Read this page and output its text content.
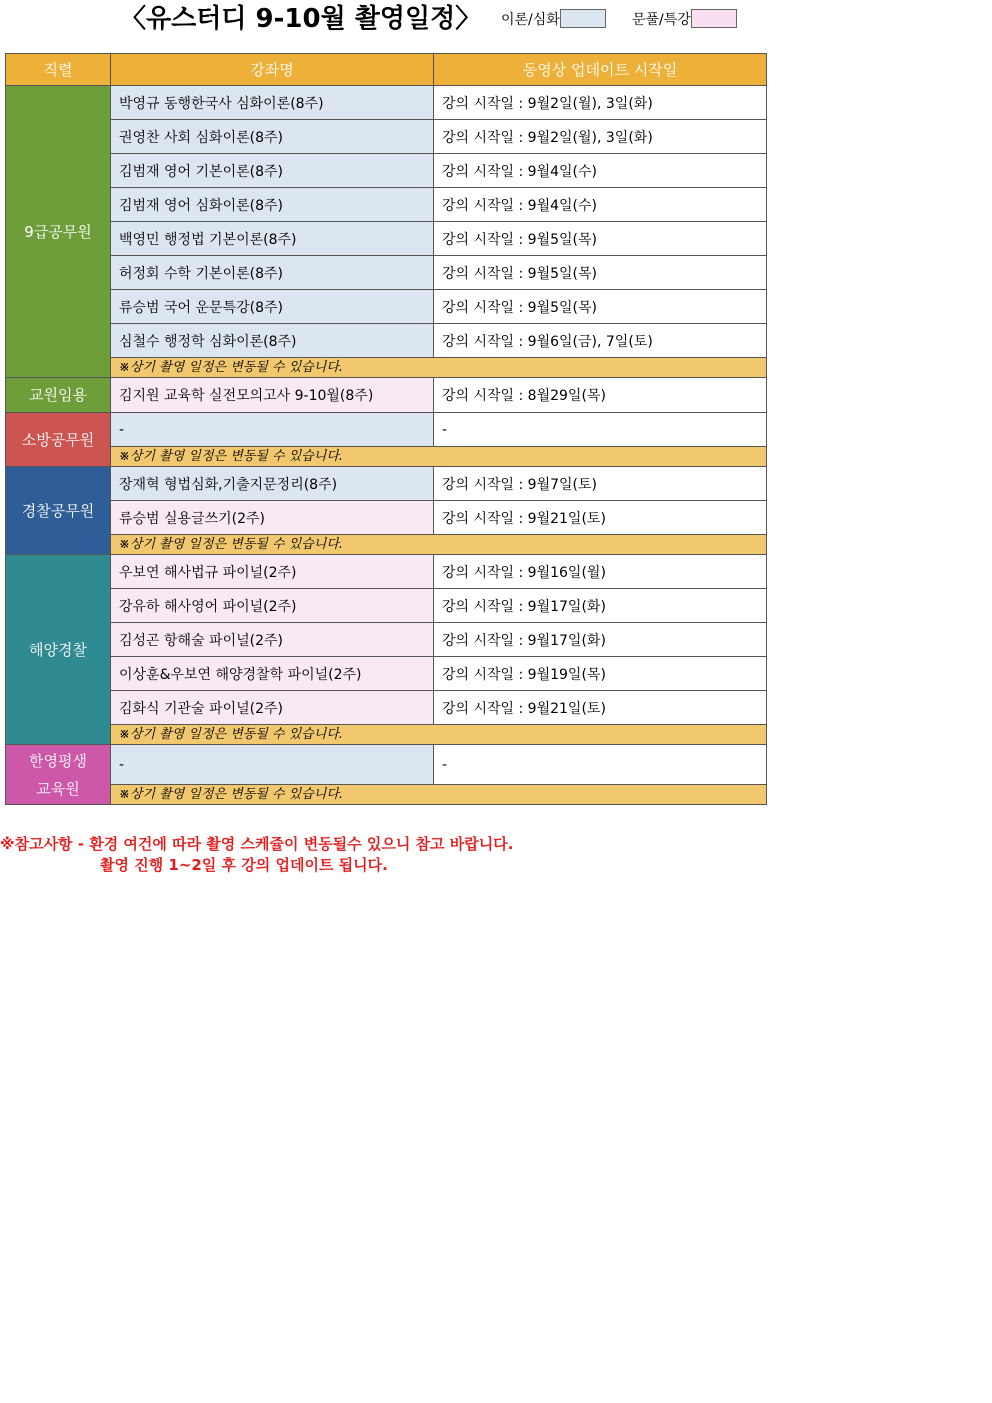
〈유스터디 9-10월 촬영일정〉 이론/심화	문풀/특강
직렬	강좌명	동영상 업데이트 시작일
9급공무원	박영규 동행한국사 심화이론(8주)	강의 시작일 : 9월2일(월), 3일(화)
	권영찬 사회 심화이론(8주)	강의 시작일 : 9월2일(월), 3일(화)
	김범재 영어 기본이론(8주)	강의 시작일 : 9월4일(수)
	김범재 영어 심화이론(8주)	강의 시작일 : 9월4일(수)
	백영민 행정법 기본이론(8주)	강의 시작일 : 9월5일(목)
	허정회 수학 기본이론(8주)	강의 시작일 : 9월5일(목)
	류승범 국어 운문특강(8주)	강의 시작일 : 9월5일(목)
	심철수 행정학 심화이론(8주)	강의 시작일 : 9월6일(금), 7일(토)
	※상기 촬영 일정은 변동될 수 있습니다.	
교원임용	김지원 교육학 실전모의고사 9-10월(8주)	강의 시작일 : 8월29일(목)
소방공무원	-	-
	※상기 촬영 일정은 변동될 수 있습니다.	
경찰공무원	장재혁 형법심화,기출지문정리(8주)	강의 시작일 : 9월7일(토)
	류승범 실용글쓰기(2주)	강의 시작일 : 9월21일(토)
	※상기 촬영 일정은 변동될 수 있습니다.	
해양경찰	우보연 해사법규 파이널(2주)	강의 시작일 : 9월16일(월)
	강유하 해사영어 파이널(2주)	강의 시작일 : 9월17일(화)
	김성곤 항해술 파이널(2주)	강의 시작일 : 9월17일(화)
	이상훈&우보연 해양경찰학 파이널(2주)	강의 시작일 : 9월19일(목)
	김화식 기관술 파이널(2주)	강의 시작일 : 9월21일(토)
	※상기 촬영 일정은 변동될 수 있습니다.	
한영평생
교육원	-	-
	※상기 촬영 일정은 변동될 수 있습니다.	
※참고사항 - 환경 여건에 따라 촬영 스케쥴이 변동될수 있으니 참고 바랍니다.
촬영 진행 1~2일 후 강의 업데이트 됩니다.
